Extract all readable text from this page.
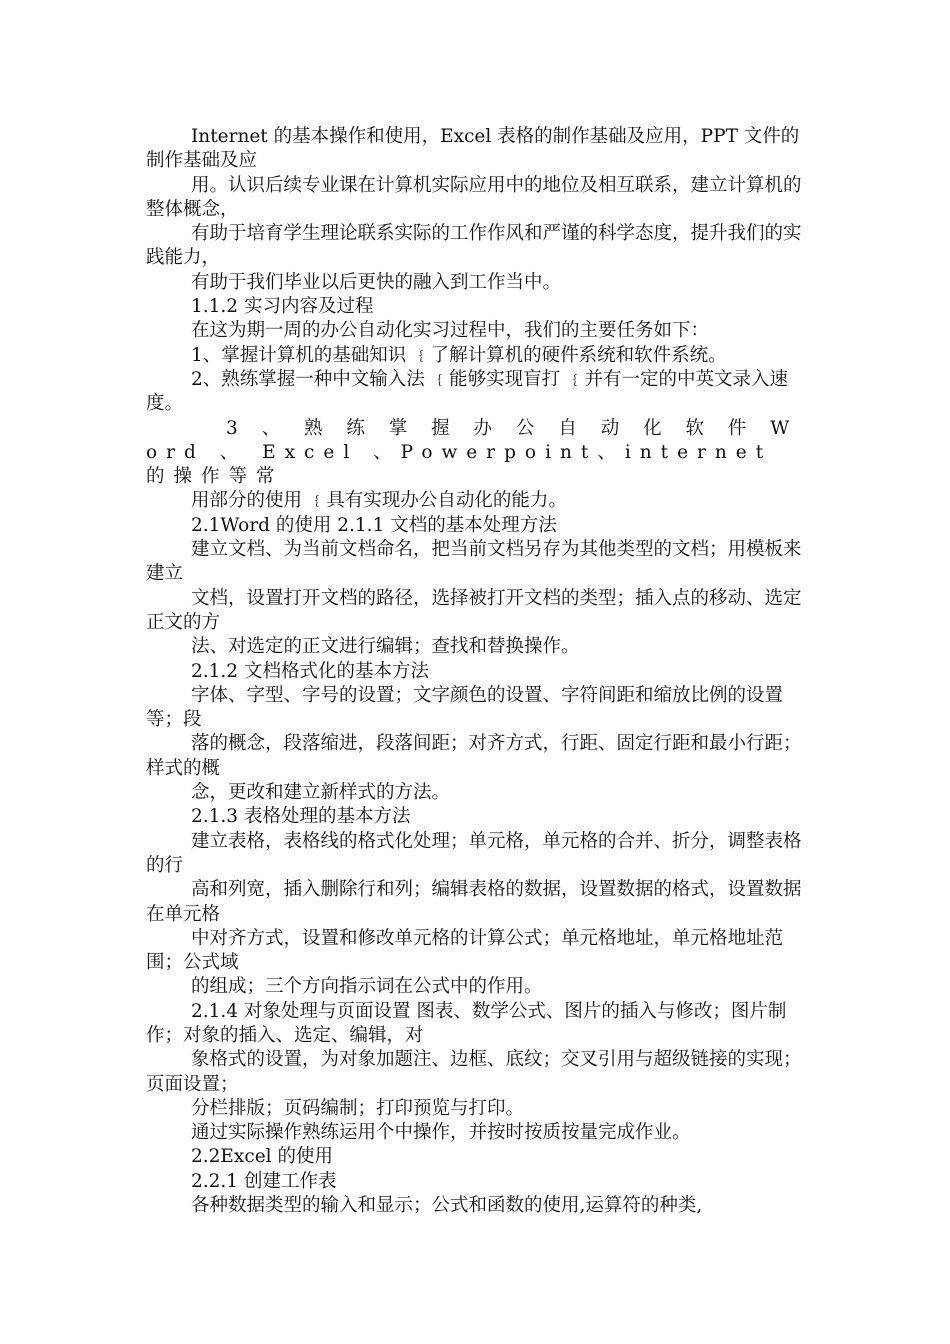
Internet 的基本操作和使用，Excel 表格的制作基础及应用，PPT 文件的制作基础及应

用。认识后续专业课在计算机实际应用中的地位及相互联系，建立计算机的整体概念，

有助于培育学生理论联系实际的工作作风和严谨的科学态度，提升我们的实践能力，

有助于我们毕业以后更快的融入到工作当中。

1.1.2 实习内容及过程

在这为期一周的办公自动化实习过程中，我们的主要任务如下：

1、掌握计算机的基础知识 ﹛了解计算机的硬件系统和软件系统。

2、熟练掌握一种中文输入法 ﹛能够实现盲打 ﹛并有一定的中英文录入速度。

3 、 熟 练 掌 握 办 公 自 动 化 软 件 Word 、 Excel 、Powerpoint、internet 的操作等常

用部分的使用 ﹛具有实现办公自动化的能力。

2.1Word 的使用 2.1.1 文档的基本处理方法

建立文档、为当前文档命名，把当前文档另存为其他类型的文档；用模板来建立

文档，设置打开文档的路径，选择被打开文档的类型；插入点的移动、选定正文的方

法、对选定的正文进行编辑；查找和替换操作。

2.1.2 文档格式化的基本方法

字体、字型、字号的设置；文字颜色的设置、字符间距和缩放比例的设置等；段

落的概念，段落缩进，段落间距；对齐方式，行距、固定行距和最小行距；样式的概

念，更改和建立新样式的方法。

2.1.3 表格处理的基本方法

建立表格，表格线的格式化处理；单元格，单元格的合并、折分，调整表格的行

高和列宽，插入删除行和列；编辑表格的数据，设置数据的格式，设置数据在单元格

中对齐方式，设置和修改单元格的计算公式；单元格地址，单元格地址范围；公式域

的组成；三个方向指示词在公式中的作用。

2.1.4 对象处理与页面设置 图表、数学公式、图片的插入与修改；图片制作；对象的插入、选定、编辑，对

象格式的设置，为对象加题注、边框、底纹；交叉引用与超级链接的实现；页面设置；

分栏排版；页码编制；打印预览与打印。

通过实际操作熟练运用个中操作，并按时按质按量完成作业。

2.2Excel 的使用

2.2.1 创建工作表

各种数据类型的输入和显示；公式和函数的使用,运算符的种类,
